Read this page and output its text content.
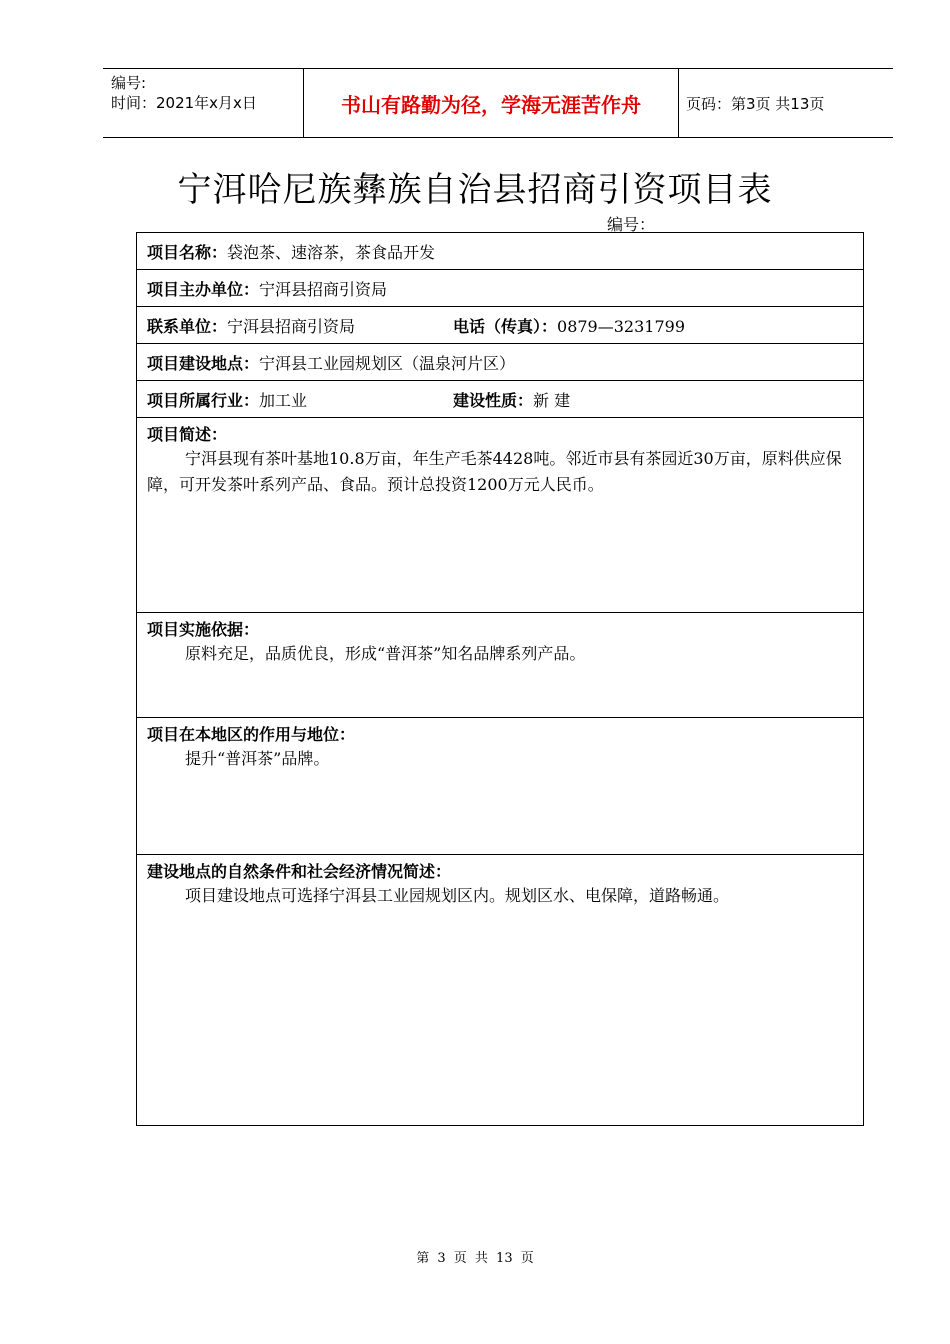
编号:
时间：2021年x月x日	书山有路勤为径，学海无涯苦作舟	页码：第3页 共13页
宁洱哈尼族彝族自治县招商引资项目表
编号：
项目名称： 袋泡茶、速溶茶，茶食品开发
项目主办单位： 宁洱县招商引资局
联系单位： 宁洱县招商引资局	电话（传真）：0879—3231799
项目建设地点： 宁洱县工业园规划区（温泉河片区）
项目所属行业： 加工业	建设性质：新 建
项目简述：
宁洱县现有茶叶基地10.8万亩，年生产毛茶4428吨。邻近市县有茶园近30万亩，原料供应保障，可开发茶叶系列产品、食品。预计总投资1200万元人民币。
项目实施依据：
原料充足，品质优良，形成“普洱茶”知名品牌系列产品。
项目在本地区的作用与地位：
提升“普洱茶”品牌。
建设地点的自然条件和社会经济情况简述：
项目建设地点可选择宁洱县工业园规划区内。规划区水、电保障，道路畅通。
第 3 页 共 13 页
